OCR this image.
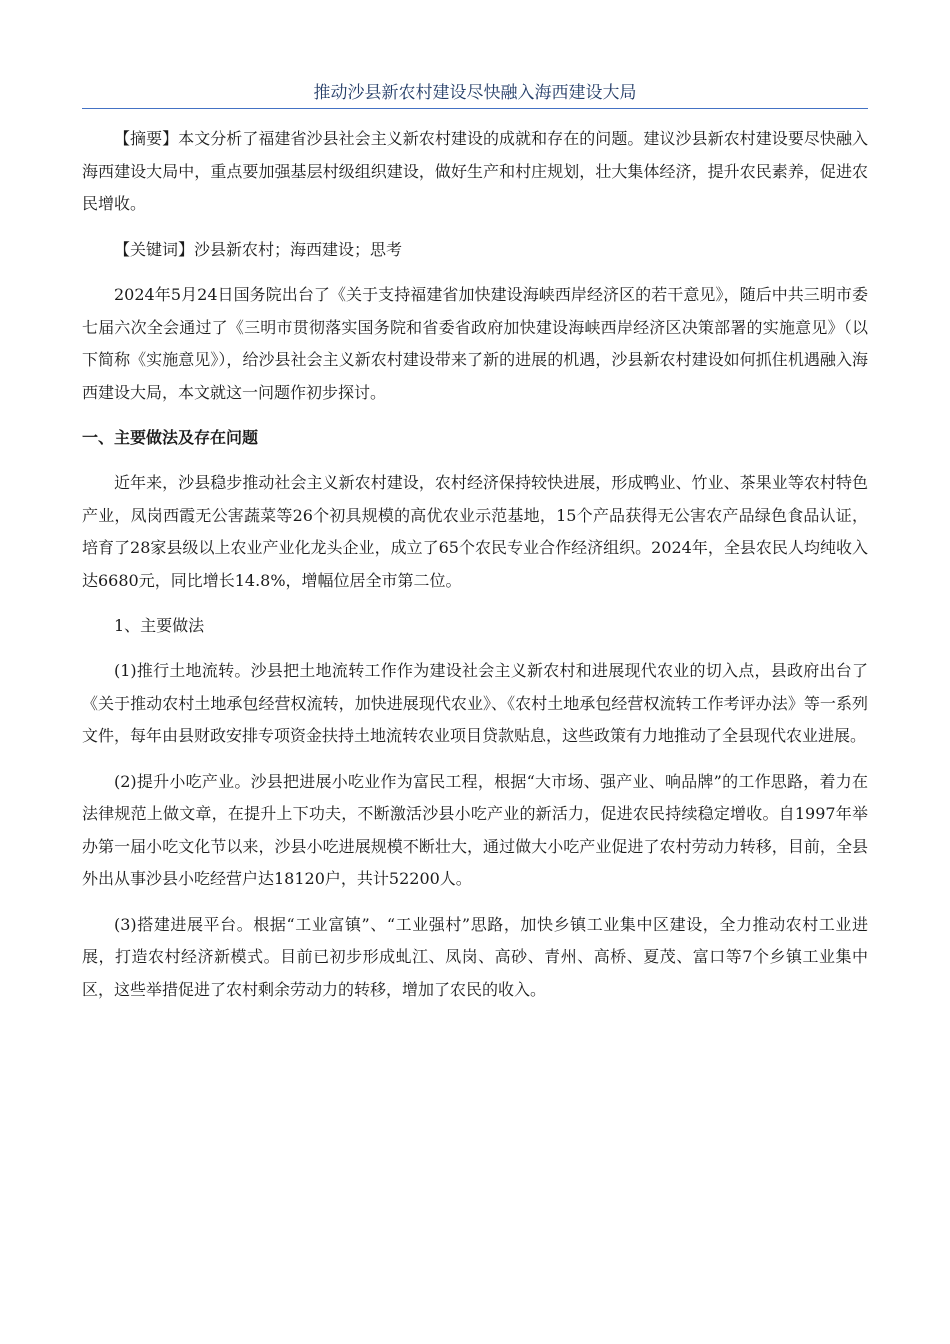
推动沙县新农村建设尽快融入海西建设大局

【摘要】本文分析了福建省沙县社会主义新农村建设的成就和存在的问题。建议沙县新农村建设要尽快融入海西建设大局中，重点要加强基层村级组织建设，做好生产和村庄规划，壮大集体经济，提升农民素养，促进农民增收。

【关键词】沙县新农村；海西建设；思考

2024年5月24日国务院出台了《关于支持福建省加快建设海峡西岸经济区的若干意见》，随后中共三明市委七届六次全会通过了《三明市贯彻落实国务院和省委省政府加快建设海峡西岸经济区决策部署的实施意见》（以下简称《实施意见》），给沙县社会主义新农村建设带来了新的进展的机遇，沙县新农村建设如何抓住机遇融入海西建设大局，本文就这一问题作初步探讨。

一、主要做法及存在问题

近年来，沙县稳步推动社会主义新农村建设，农村经济保持较快进展，形成鸭业、竹业、茶果业等农村特色产业，凤岗西霞无公害蔬菜等26个初具规模的高优农业示范基地，15个产品获得无公害农产品绿色食品认证，培育了28家县级以上农业产业化龙头企业，成立了65个农民专业合作经济组织。2024年，全县农民人均纯收入达6680元，同比增长14.8%，增幅位居全市第二位。

1、主要做法

(1)推行土地流转。沙县把土地流转工作作为建设社会主义新农村和进展现代农业的切入点，县政府出台了《关于推动农村土地承包经营权流转，加快进展现代农业》、《农村土地承包经营权流转工作考评办法》等一系列文件，每年由县财政安排专项资金扶持土地流转农业项目贷款贴息，这些政策有力地推动了全县现代农业进展。

(2)提升小吃产业。沙县把进展小吃业作为富民工程，根据“大市场、强产业、响品牌”的工作思路，着力在法律规范上做文章，在提升上下功夫，不断激活沙县小吃产业的新活力，促进农民持续稳定增收。自1997年举办第一届小吃文化节以来，沙县小吃进展规模不断壮大，通过做大小吃产业促进了农村劳动力转移，目前，全县外出从事沙县小吃经营户达18120户，共计52200人。

(3)搭建进展平台。根据“工业富镇”、“工业强村”思路，加快乡镇工业集中区建设，全力推动农村工业进展，打造农村经济新模式。目前已初步形成虬江、凤岗、高砂、青州、高桥、夏茂、富口等7个乡镇工业集中区，这些举措促进了农村剩余劳动力的转移，增加了农民的收入。
